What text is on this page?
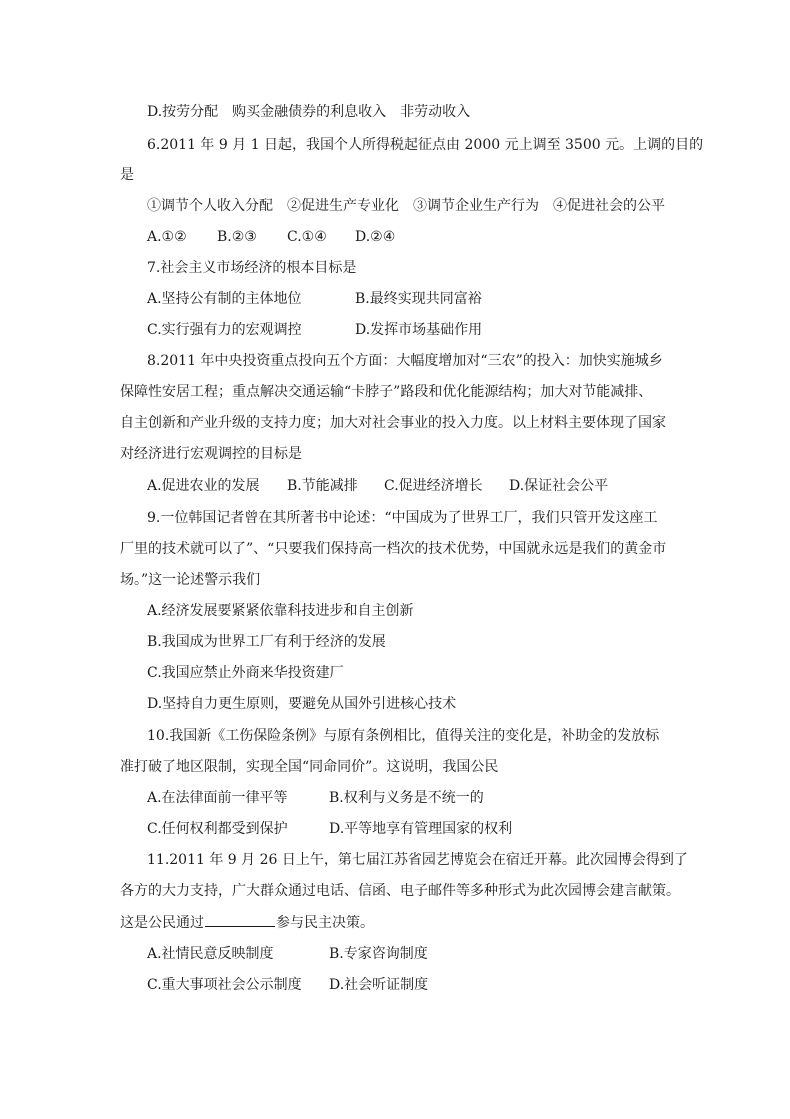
D.按劳分配　购买金融债券的利息收入　非劳动收入
6.2011 年 9 月 1 日起，我国个人所得税起征点由 2000 元上调至 3500 元。上调的目的
是
①调节个人收入分配　②促进生产专业化　③调节企业生产行为　④促进社会的公平
A.①② B.②③ C.①④ D.②④
7.社会主义市场经济的根本目标是
A.坚持公有制的主体地位	B.最终实现共同富裕
C.实行强有力的宏观调控	D.发挥市场基础作用
8.2011 年中央投资重点投向五个方面：大幅度增加对“三农”的投入：加快实施城乡
保障性安居工程；重点解决交通运输“卡脖子”路段和优化能源结构；加大对节能减排、
自主创新和产业升级的支持力度；加大对社会事业的投入力度。以上材料主要体现了国家
对经济进行宏观调控的目标是
A.促进农业的发展 B.节能减排 C.促进经济增长 D.保证社会公平
9.一位韩国记者曾在其所著书中论述：“中国成为了世界工厂，我们只管开发这座工
厂里的技术就可以了”、“只要我们保持高一档次的技术优势，中国就永远是我们的黄金市
场。”这一论述警示我们
A.经济发展要紧紧依靠科技进步和自主创新
B.我国成为世界工厂有利于经济的发展
C.我国应禁止外商来华投资建厂
D.坚持自力更生原则，要避免从国外引进核心技术
10.我国新《工伤保险条例》与原有条例相比，值得关注的变化是，补助金的发放标
准打破了地区限制，实现全国“同命同价”。这说明，我国公民
A.在法律面前一律平等	B.权利与义务是不统一的
C.任何权利都受到保护	D.平等地享有管理国家的权利
11.2011 年 9 月 26 日上午，第七届江苏省园艺博览会在宿迁开幕。此次园博会得到了
各方的大力支持，广大群众通过电话、信函、电子邮件等多种形式为此次园博会建言献策。
这是公民通过	参与民主决策。
A.社情民意反映制度	B.专家咨询制度
C.重大事项社会公示制度 D.社会听证制度
